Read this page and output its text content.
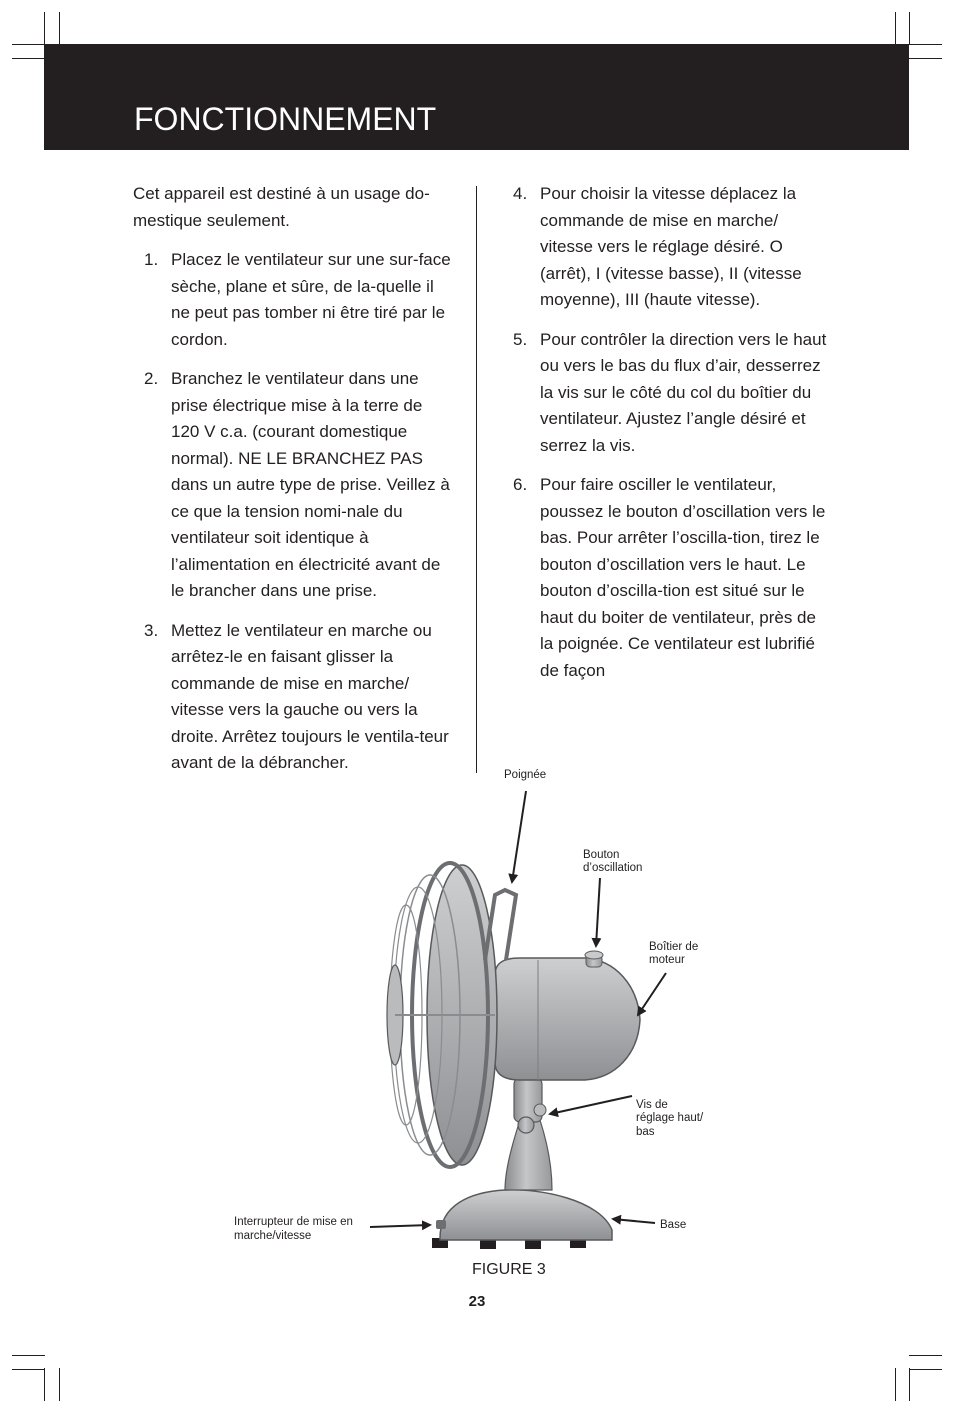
FONCTIONNEMENT

Cet appareil est destiné à un usage do-mestique seulement.

1. Placez le ventilateur sur une sur-face sèche, plane et sûre, de la-quelle il ne peut pas tomber ni être tiré par le cordon.
2. Branchez le ventilateur dans une prise électrique mise à la terre de 120 V c.a. (courant domestique normal). NE LE BRANCHEZ PAS dans un autre type de prise. Veillez à ce que la tension nomi-nale du ventilateur soit identique à l’alimentation en électricité avant de le brancher dans une prise.
3. Mettez le ventilateur en marche ou arrêtez-le en faisant glisser la commande de mise en marche/ vitesse vers la gauche ou vers la droite. Arrêtez toujours le ventila-teur avant de la débrancher.
4. Pour choisir la vitesse déplacez la commande de mise en marche/ vitesse vers le réglage désiré. O (arrêt), I (vitesse basse), II (vitesse moyenne), III (haute vitesse).
5. Pour contrôler la direction vers le haut ou vers le bas du flux d’air, desserrez la vis sur le côté du col du boîtier du ventilateur. Ajustez l’angle désiré et serrez la vis.
6. Pour faire osciller le ventilateur, poussez le bouton d’oscillation vers le bas. Pour arrêter l’oscilla-tion, tirez le bouton d’oscillation vers le haut. Le bouton d’oscilla-tion est situé sur le haut du boiter de ventilateur, près de la poignée. Ce ventilateur est lubrifié de façon
Poignée
Bouton
d’oscillation
Boîtier de
moteur
Vis de
réglage haut/
bas
Interrupteur de mise en
marche/vitesse
Base
FIGURE 3
23
